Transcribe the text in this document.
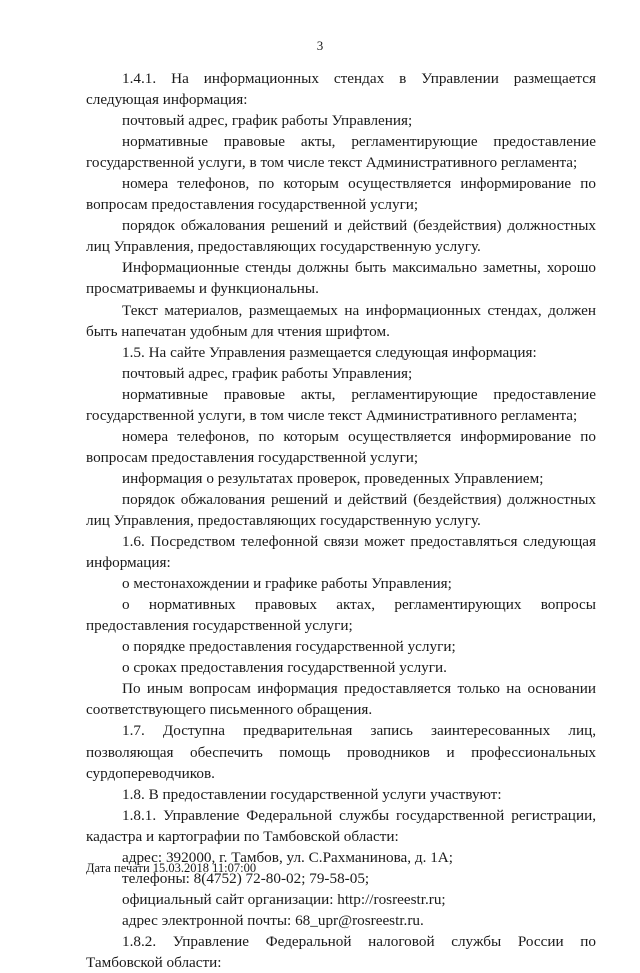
3

1.4.1. На информационных стендах в Управлении размещается следующая информация:

почтовый адрес, график работы Управления;

нормативные правовые акты, регламентирующие предоставление государственной услуги, в том числе текст Административного регламента;

номера телефонов, по которым осуществляется информирование по вопросам предоставления государственной услуги;

порядок обжалования решений и действий (бездействия) должностных лиц Управления, предоставляющих государственную услугу.

Информационные стенды должны быть максимально заметны, хорошо просматриваемы и функциональны.

Текст материалов, размещаемых на информационных стендах, должен быть напечатан удобным для чтения шрифтом.

1.5. На сайте Управления размещается следующая информация:

почтовый адрес, график работы Управления;

нормативные правовые акты, регламентирующие предоставление государственной услуги, в том числе текст Административного регламента;

номера телефонов, по которым осуществляется информирование по вопросам предоставления государственной услуги;

информация о результатах проверок, проведенных Управлением;

порядок обжалования решений и действий (бездействия) должностных лиц Управления, предоставляющих государственную услугу.

1.6. Посредством телефонной связи может предоставляться следующая информация:

о местонахождении и графике работы Управления;

о нормативных правовых актах, регламентирующих вопросы предоставления государственной услуги;

о порядке предоставления государственной услуги;

о сроках предоставления государственной услуги.

По иным вопросам информация предоставляется только на основании соответствующего письменного обращения.

1.7. Доступна предварительная запись заинтересованных лиц, позволяющая обеспечить помощь проводников и профессиональных сурдопереводчиков.

1.8. В предоставлении государственной услуги участвуют:

1.8.1. Управление Федеральной службы государственной регистрации, кадастра и картографии по Тамбовской области:

адрес: 392000, г. Тамбов, ул. С.Рахманинова, д. 1А;

телефоны: 8(4752) 72-80-02; 79-58-05;

официальный сайт организации: http://rosreestr.ru;

адрес электронной почты: 68_upr@rosreestr.ru.

1.8.2. Управление Федеральной налоговой службы России по Тамбовской области:

Дата печати 15.03.2018 11:07:00
